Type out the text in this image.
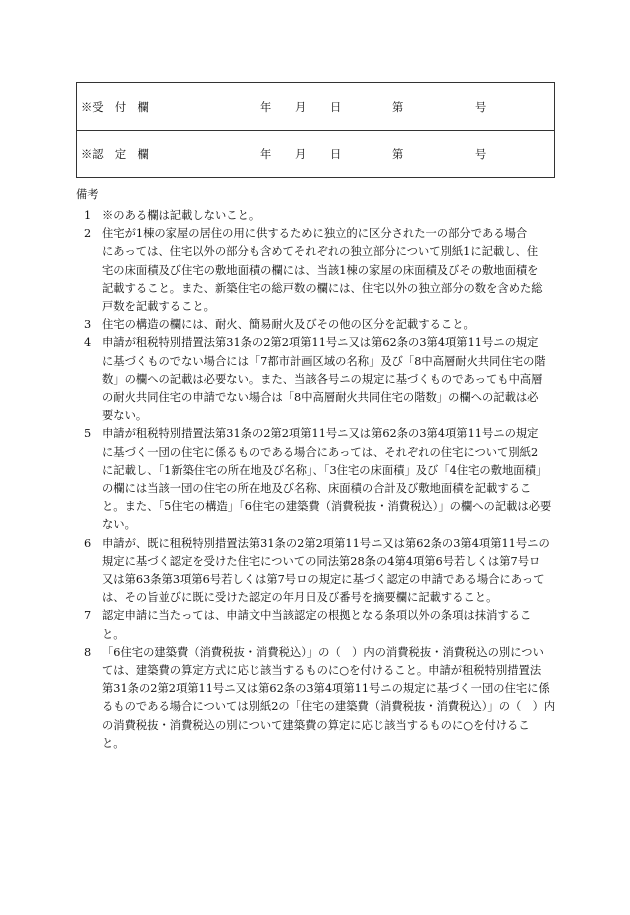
※受　付　欄	年 月 日	第	号
※認　定　欄	年 月 日	第	号
備考
1 ※のある欄は記載しないこと。
2 住宅が1棟の家屋の居住の用に供するために独立的に区分された一の部分である場合
にあっては、住宅以外の部分も含めてそれぞれの独立部分について別紙1に記載し、住
宅の床面積及び住宅の敷地面積の欄には、当該1棟の家屋の床面積及びその敷地面積を
記載すること。また、新築住宅の総戸数の欄には、住宅以外の独立部分の数を含めた総
戸数を記載すること。
3 住宅の構造の欄には、耐火、簡易耐火及びその他の区分を記載すること。
4 申請が租税特別措置法第31条の2第2項第11号ニ又は第62条の3第4項第11号ニの規定
に基づくものでない場合には「7都市計画区域の名称」及び「8中高層耐火共同住宅の階
数」の欄への記載は必要ない。また、当該各号ニの規定に基づくものであっても中高層
の耐火共同住宅の申請でない場合は「8中高層耐火共同住宅の階数」の欄への記載は必
要ない。
5 申請が租税特別措置法第31条の2第2項第11号ニ又は第62条の3第4項第11号ニの規定
に基づく一団の住宅に係るものである場合にあっては、それぞれの住宅について別紙2
に記載し、「1新築住宅の所在地及び名称」、「3住宅の床面積」及び「4住宅の敷地面積」
の欄には当該一団の住宅の所在地及び名称、床面積の合計及び敷地面積を記載するこ
と。また、「5住宅の構造」「6住宅の建築費（消費税抜・消費税込）」の欄への記載は必要
ない。
6 申請が、既に租税特別措置法第31条の2第2項第11号ニ又は第62条の3第4項第11号ニの
規定に基づく認定を受けた住宅についての同法第28条の4第4項第6号若しくは第7号ロ
又は第63条第3項第6号若しくは第7号ロの規定に基づく認定の申請である場合にあって
は、その旨並びに既に受けた認定の年月日及び番号を摘要欄に記載すること。
7 認定申請に当たっては、申請文中当該認定の根拠となる条項以外の条項は抹消するこ
と。
8 「6住宅の建築費（消費税抜・消費税込）」の（　）内の消費税抜・消費税込の別につい
ては、建築費の算定方式に応じ該当するものに○を付けること。申請が租税特別措置法
第31条の2第2項第11号ニ又は第62条の3第4項第11号ニの規定に基づく一団の住宅に係
るものである場合については別紙2の「住宅の建築費（消費税抜・消費税込）」の（　）内
の消費税抜・消費税込の別について建築費の算定に応じ該当するものに○を付けるこ
と。
